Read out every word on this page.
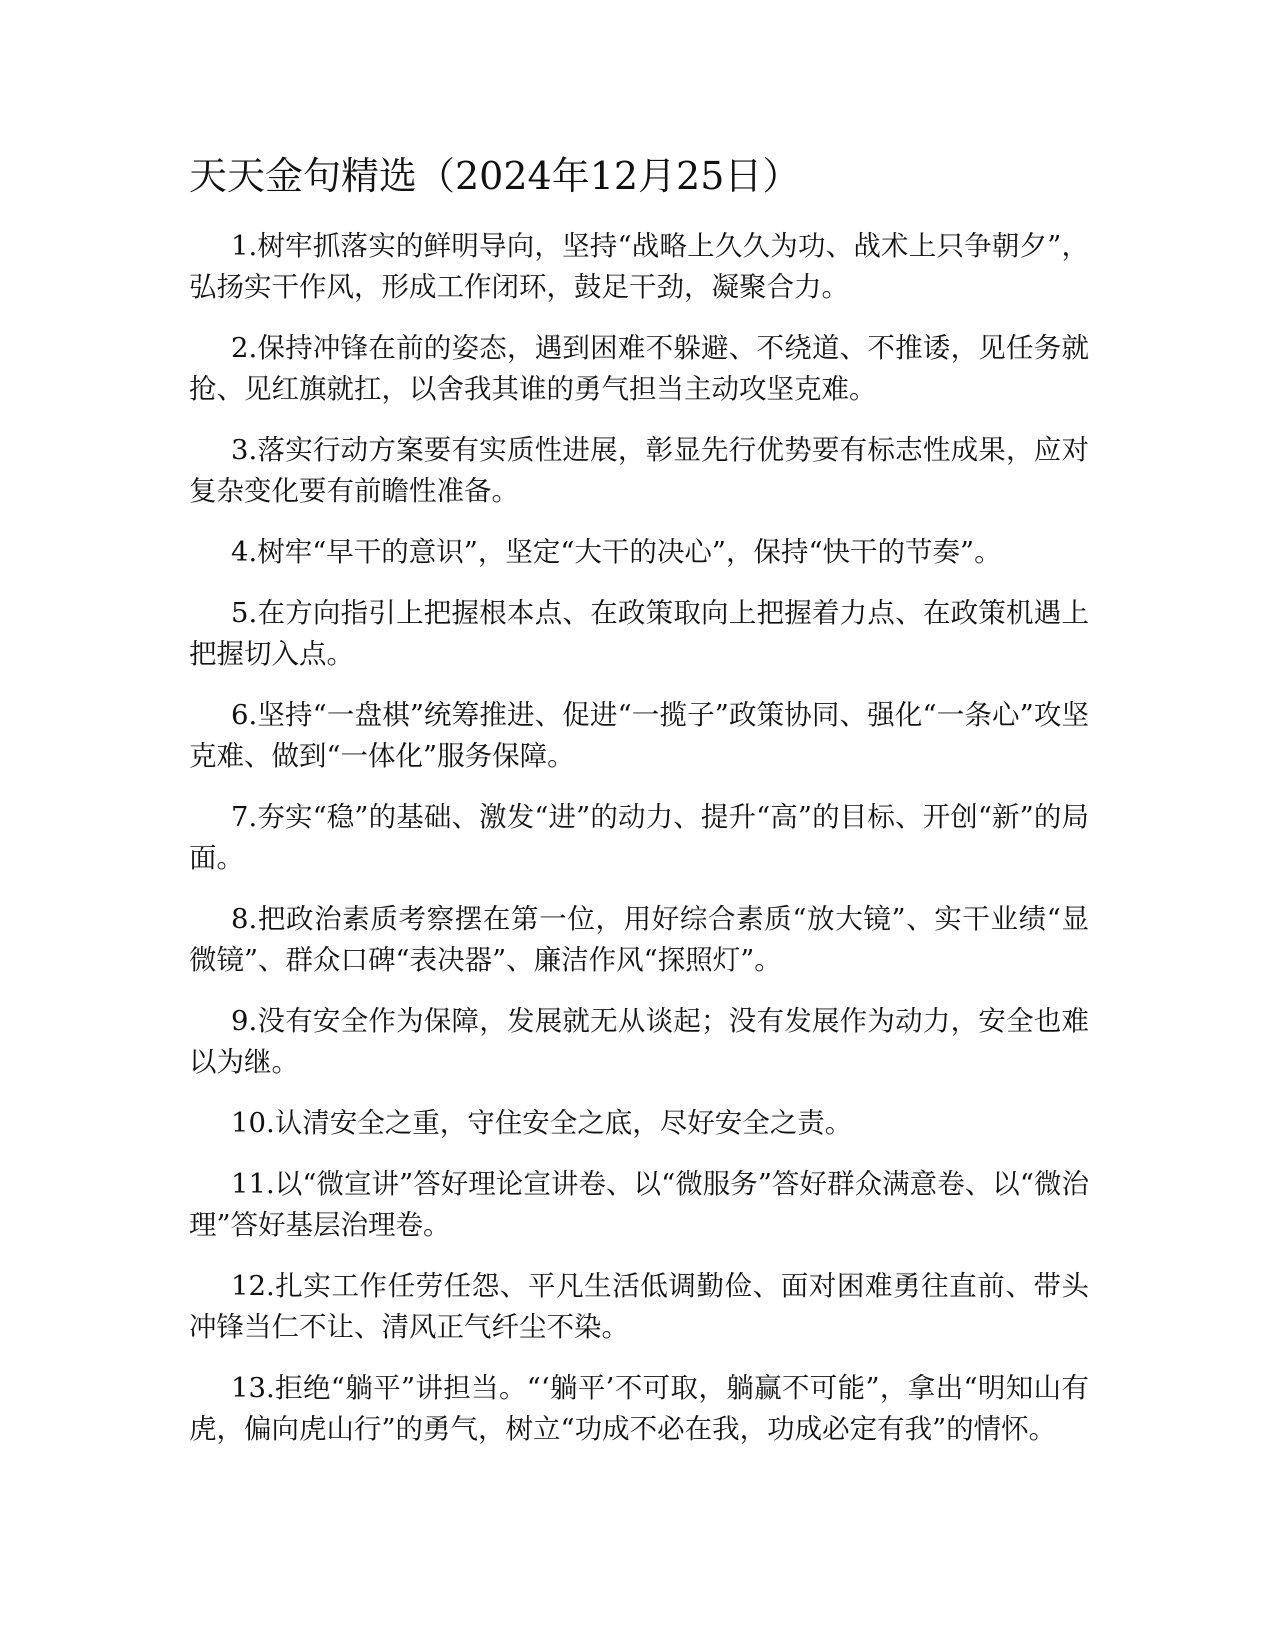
天天金句精选（2024年12月25日）

1.树牢抓落实的鲜明导向，坚持“战略上久久为功、战术上只争朝夕”，弘扬实干作风，形成工作闭环，鼓足干劲，凝聚合力。

2.保持冲锋在前的姿态，遇到困难不躲避、不绕道、不推诿，见任务就抢、见红旗就扛，以舍我其谁的勇气担当主动攻坚克难。

3.落实行动方案要有实质性进展，彰显先行优势要有标志性成果，应对复杂变化要有前瞻性准备。

4.树牢“早干的意识”，坚定“大干的决心”，保持“快干的节奏”。

5.在方向指引上把握根本点、在政策取向上把握着力点、在政策机遇上把握切入点。

6.坚持“一盘棋”统筹推进、促进“一揽子”政策协同、强化“一条心”攻坚克难、做到“一体化”服务保障。

7.夯实“稳”的基础、激发“进”的动力、提升“高”的目标、开创“新”的局面。

8.把政治素质考察摆在第一位，用好综合素质“放大镜”、实干业绩“显微镜”、群众口碑“表决器”、廉洁作风“探照灯”。

9.没有安全作为保障，发展就无从谈起；没有发展作为动力，安全也难以为继。

10.认清安全之重，守住安全之底，尽好安全之责。

11.以“微宣讲”答好理论宣讲卷、以“微服务”答好群众满意卷、以“微治理”答好基层治理卷。

12.扎实工作任劳任怨、平凡生活低调勤俭、面对困难勇往直前、带头冲锋当仁不让、清风正气纤尘不染。

13.拒绝“躺平”讲担当。“‘躺平’不可取，躺赢不可能”，拿出“明知山有虎，偏向虎山行”的勇气，树立“功成不必在我，功成必定有我”的情怀。
